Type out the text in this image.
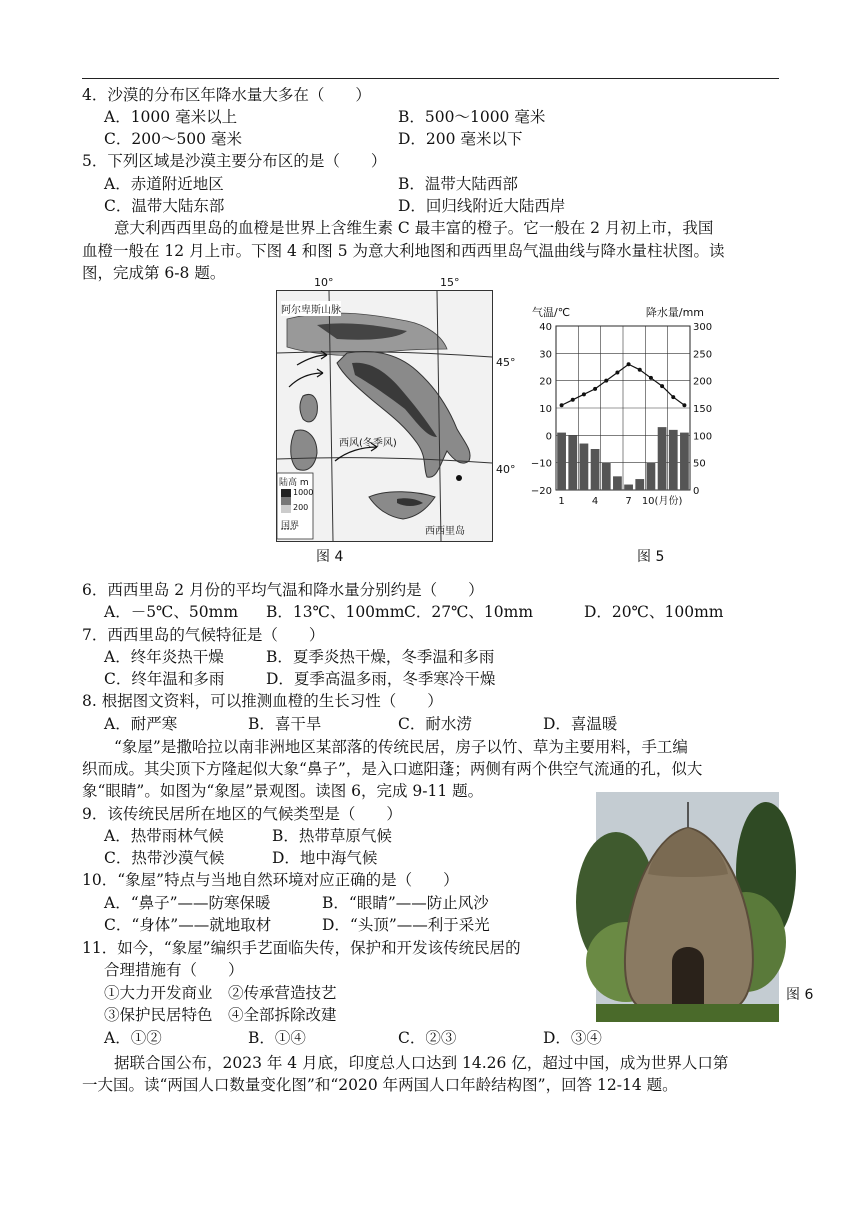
4．沙漠的分布区年降水量大多在（　　）
A．1000 毫米以上	B．500～1000 毫米
C．200～500 毫米	D．200 毫米以下
5．下列区域是沙漠主要分布区的是（　　）
A．赤道附近地区	B．温带大陆西部
C．温带大陆东部	D．回归线附近大陆西岸
意大利西西里岛的血橙是世界上含维生素 C 最丰富的橙子。它一般在 2 月初上市，我国
血橙一般在 12 月上市。下图 4 和图 5 为意大利地图和西西里岛气温曲线与降水量柱状图。读
图，完成第 6-8 题。
阿尔卑斯山脉
西风(冬季风)
西西里岛
陆高 m
1000
200
国界
10°	15°
45°
40°
40
30
20
10
0
−10
−20
300
250
200
150
100
50
0
1	4	7 10(月份)
气温/℃	降水量/mm
图 4	图 5
6．西西里岛 2 月份的平均气温和降水量分别约是（　　）
A．－5℃、50mm B．13℃、100mm C．27℃、10mm	D．20℃、100mm
7．西西里岛的气候特征是（　　）
A．终年炎热干燥	B．夏季炎热干燥，冬季温和多雨
C．终年温和多雨	D．夏季高温多雨，冬季寒冷干燥
8. 根据图文资料，可以推测血橙的生长习性（　　）
A．耐严寒	B．喜干旱	C．耐水涝	D．喜温暖
“象屋”是撒哈拉以南非洲地区某部落的传统民居，房子以竹、草为主要用料，手工编
织而成。其尖顶下方隆起似大象“鼻子”，是入口遮阳蓬；两侧有两个供空气流通的孔，似大
象“眼睛”。如图为“象屋”景观图。读图 6，完成 9-11 题。
9．该传统民居所在地区的气候类型是（　　）
A．热带雨林气候	B．热带草原气候
C．热带沙漠气候	D．地中海气候
10．“象屋”特点与当地自然环境对应正确的是（　　）
A．“鼻子”——防寒保暖	B．“眼睛”——防止风沙
C．“身体”——就地取材	D．“头顶”——利于采光
11．如今，“象屋”编织手艺面临失传，保护和开发该传统民居的
合理措施有（　　）
①大力开发商业　②传承营造技艺
③保护民居特色　④全部拆除改建
A．①②	B．①④	C．②③	D．③④
图 6
据联合国公布，2023 年 4 月底，印度总人口达到 14.26 亿，超过中国，成为世界人口第
一大国。读“两国人口数量变化图”和“2020 年两国人口年龄结构图”，回答 12-14 题。
